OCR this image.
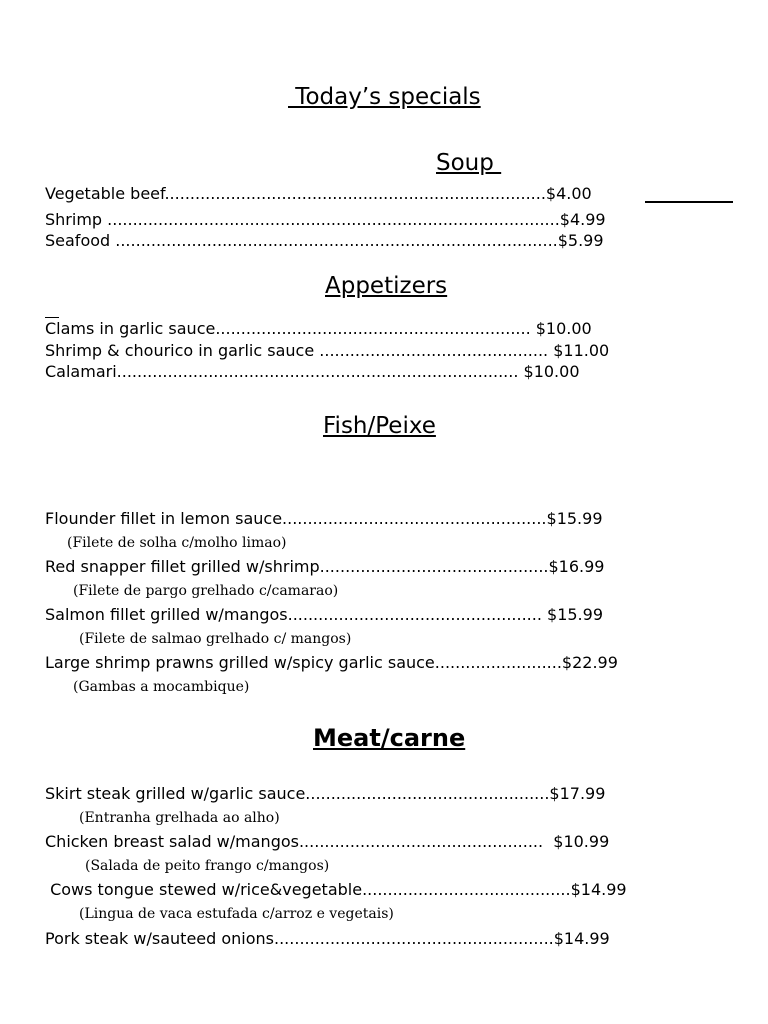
Today’s specials
Soup
Vegetable beef...........................................................................$4.00
Shrimp .........................................................................................$4.99
Seafood .......................................................................................$5.99
Appetizers
Clams in garlic sauce.............................................................. $10.00
Shrimp & chourico in garlic sauce ............................................. $11.00
Calamari............................................................................... $10.00
Fish/Peixe
Flounder fillet in lemon sauce....................................................$15.99
(Filete de solha c/molho limao)
Red snapper fillet grilled w/shrimp.............................................$16.99
(Filete de pargo grelhado c/camarao)
Salmon fillet grilled w/mangos.................................................. $15.99
(Filete de salmao grelhado c/ mangos)
Large shrimp prawns grilled w/spicy garlic sauce.........................$22.99
(Gambas a mocambique)
Meat/carne
Skirt steak grilled w/garlic sauce................................................$17.99
(Entranha grelhada ao alho)
Chicken breast salad w/mangos................................................  $10.99
(Salada de peito frango c/mangos)
Cows tongue stewed w/rice&vegetable.........................................$14.99
(Lingua de vaca estufada c/arroz e vegetais)
Pork steak w/sauteed onions.......................................................$14.99
